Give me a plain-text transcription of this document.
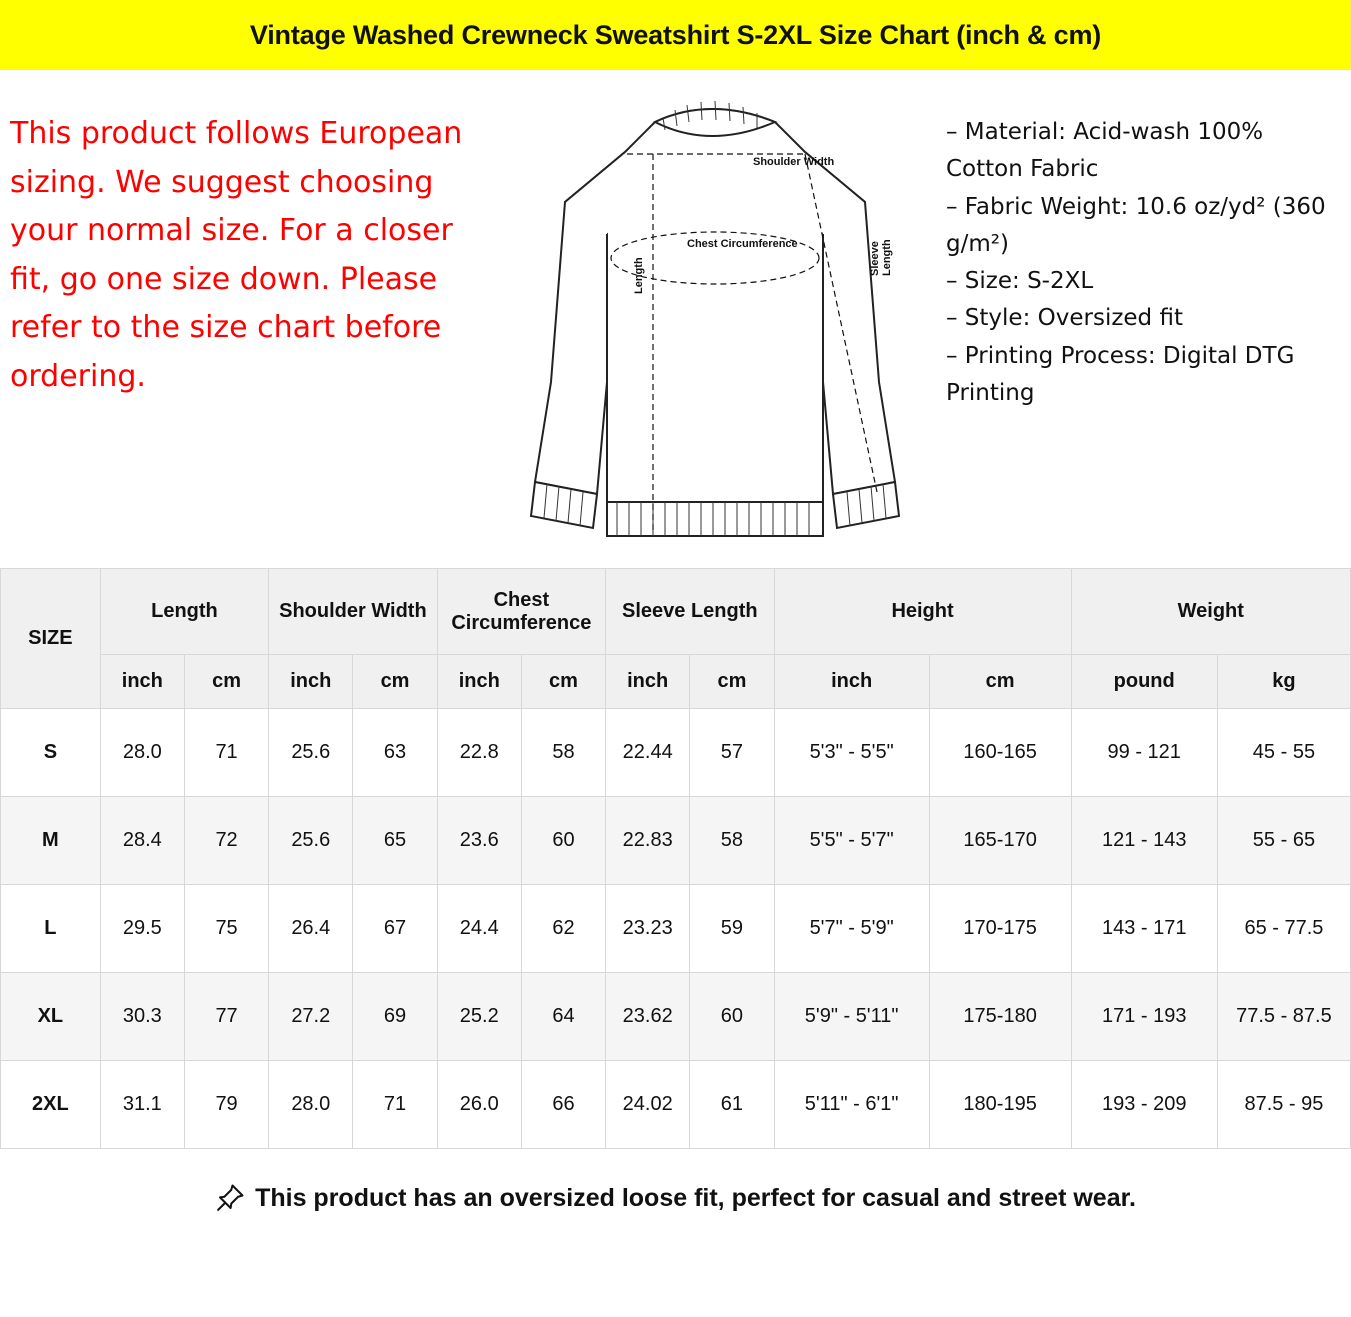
Vintage Washed Crewneck Sweatshirt S-2XL Size Chart (inch & cm)
This product follows European sizing. We suggest choosing your normal size. For a closer fit, go one size down. Please refer to the size chart before ordering.
Shoulder Width
Chest Circumference
Length	Sleeve Length
– Material: Acid-wash 100% Cotton Fabric
– Fabric Weight: 10.6 oz/yd² (360 g/m²)
– Size: S-2XL
– Style: Oversized fit
– Printing Process: Digital DTG Printing
SIZE	Length		Shoulder Width		Chest Circumference		Sleeve Length		Height		Weight	
	inch	cm	inch	cm	inch	cm	inch	cm	inch	cm	pound	kg
S	28.0	71	25.6	63	22.8	58	22.44	57	5'3" - 5'5"	160-165	99 - 121	45 - 55
M	28.4	72	25.6	65	23.6	60	22.83	58	5'5" - 5'7"	165-170	121 - 143	55 - 65
L	29.5	75	26.4	67	24.4	62	23.23	59	5'7" - 5'9"	170-175	143 - 171	65 - 77.5
XL	30.3	77	27.2	69	25.2	64	23.62	60	5'9" - 5'11"	175-180	171 - 193	77.5 - 87.5
2XL	31.1	79	28.0	71	26.0	66	24.02	61	5'11" - 6'1"	180-195	193 - 209	87.5 - 95
This product has an oversized loose fit, perfect for casual and street wear.
